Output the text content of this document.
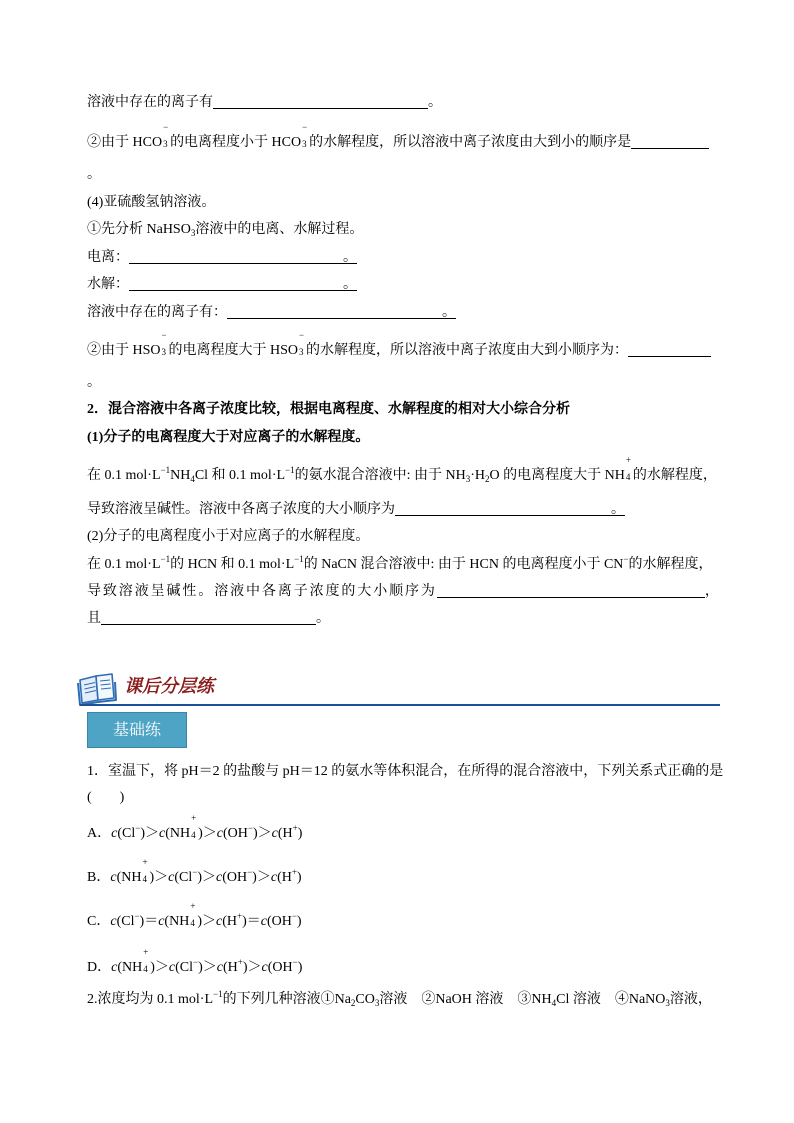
溶液中存在的离子有	。
②由于 HCO
−
3 的电离程度小于 HCO
−
3 的水解程度，所以溶液中离子浓度由大到小的顺序是
。
(4)亚硫酸氢钠溶液。
①先分析 NaHSO$_3$溶液中的电离、水解过程。
电离：	。
水解：	。
溶液中存在的离子有：	。
②由于 HSO
−
3 的电离程度大于 HSO
−
3 的水解程度，所以溶液中离子浓度由大到小顺序为：
。
2．混合溶液中各离子浓度比较，根据电离程度、水解程度的相对大小综合分析
(1)分子的电离程度大于对应离子的水解程度。
在 0.1 $mol\cdot L^{-1}NH_4Cl$ 和 0.1 $mol\cdot L^{-1}$的氨水混合溶液中: 由于 $NH_3\cdot H_2O$ 的电离程度大于 NH
+
4 的水解程度，
导致溶液呈碱性。溶液中各离子浓度的大小顺序为	。
(2)分子的电离程度小于对应离子的水解程度。
在 0.1 $mol\cdot L^{-1}$的 HCN 和 0.1 $mol\cdot L^{-1}$的 NaCN 混合溶液中: 由于 HCN 的电离程度小于 CN−的水解程度，
导致溶液呈碱性。溶液中各离子浓度的大小顺序为	，
且	。
课后分层练
基础练
1．室温下，将 pH＝2 的盐酸与 pH＝12 的氨水等体积混合，在所得的混合溶液中，下列关系式正确的是
(　　)
A．c(Cl−)＞c(NH
+
4 )＞c(OH−)＞c(H+)
B．c(NH
+
4 )＞c(Cl−)＞c(OH−)＞c(H+)
C．c(Cl−)＝c(NH
+
4 )＞c(H+)＝c(OH−)
D．c(NH
+
4 )＞c(Cl−)＞c(H+)＞c(OH−)
2.浓度均为 0.1 $mol\cdot L^{-1}$的下列几种溶液$①Na_2CO_3$溶液　②NaOH 溶液　$③NH_4Cl$ 溶液　④NaNO$_3$溶液，
